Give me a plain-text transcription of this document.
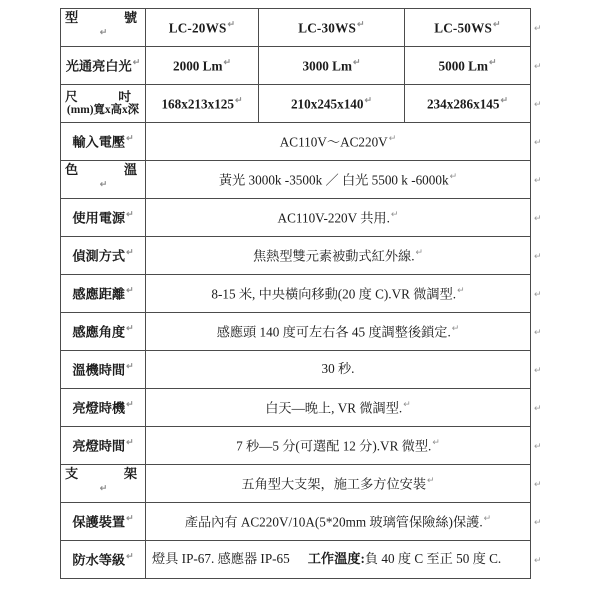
型 號
↵	LC-20WS↵	LC-30WS↵	LC-50WS↵
光通亮白光↵	2000 Lm↵	3000 Lm↵	5000 Lm↵

尺 吋
(mm)寬x高x深	168x213x125↵	210x245x140↵	234x286x145↵
輸入電壓↵	AC110V～AC220V↵

色 溫
↵	黃光 3000k -3500k ／ 白光 5500 k -6000k↵
使用電源↵	AC110V-220V 共用.↵
偵測方式↵	焦熱型雙元素被動式紅外線.↵
感應距離↵	8-15 米, 中央橫向移動(20 度 C).VR 微調型.↵
感應角度↵	感應頭 140 度可左右各 45 度調整後鎖定.↵
溫機時間↵	30 秒.		
亮燈時機↵	白天—晚上, VR 微調型.↵
亮燈時間↵	7 秒—5 分(可選配 12 分).VR 微型.↵

支 架
↵	五角型大支架，施工多方位安裝↵
保護裝置↵	產品內有 AC220V/10A(5*20mm 玻璃管保險絲)保護.↵
防水等級↵	燈具 IP-67. 感應器 IP-65 工作溫度: 負 40 度 C 至正 50 度 C.		
↵
↵
↵
↵
↵
↵
↵
↵
↵
↵
↵
↵
↵
↵
↵
